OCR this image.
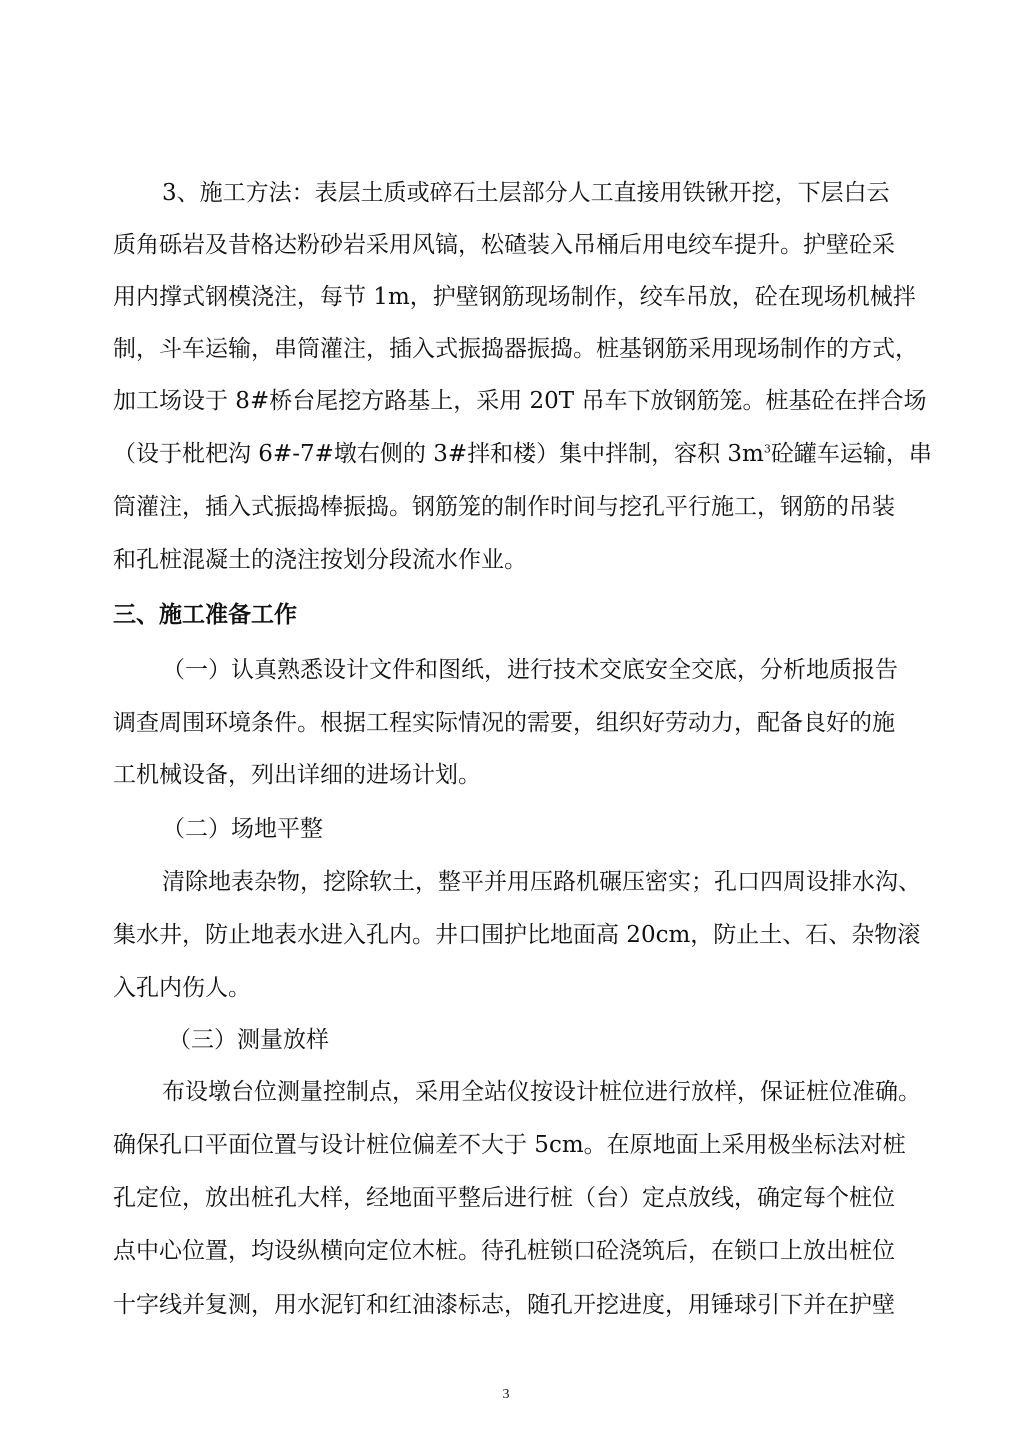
3、施工方法：表层土质或碎石土层部分人工直接用铁锹开挖，下层白云
质角砾岩及昔格达粉砂岩采用风镐，松碴装入吊桶后用电绞车提升。护壁砼采
用内撑式钢模浇注，每节 1m，护壁钢筋现场制作，绞车吊放，砼在现场机械拌
制，斗车运输，串筒灌注，插入式振捣器振捣。桩基钢筋采用现场制作的方式，
加工场设于 8#桥台尾挖方路基上，采用 20T 吊车下放钢筋笼。桩基砼在拌合场
（设于枇杷沟 6#-7#墩右侧的 3#拌和楼）集中拌制，容积 $3m^3$砼罐车运输，串
筒灌注，插入式振捣棒振捣。钢筋笼的制作时间与挖孔平行施工，钢筋的吊装
和孔桩混凝土的浇注按划分段流水作业。
三、施工准备工作
（一）认真熟悉设计文件和图纸，进行技术交底安全交底，分析地质报告
调查周围环境条件。根据工程实际情况的需要，组织好劳动力，配备良好的施
工机械设备，列出详细的进场计划。
（二）场地平整
清除地表杂物，挖除软土，整平并用压路机碾压密实；孔口四周设排水沟、
集水井，防止地表水进入孔内。井口围护比地面高 20cm，防止土、石、杂物滚
入孔内伤人。
（三）测量放样
布设墩台位测量控制点，采用全站仪按设计桩位进行放样，保证桩位准确。
确保孔口平面位置与设计桩位偏差不大于 5cm。在原地面上采用极坐标法对桩
孔定位，放出桩孔大样，经地面平整后进行桩（台）定点放线，确定每个桩位
点中心位置，均设纵横向定位木桩。待孔桩锁口砼浇筑后，在锁口上放出桩位
十字线并复测，用水泥钉和红油漆标志，随孔开挖进度，用锤球引下并在护壁
3
